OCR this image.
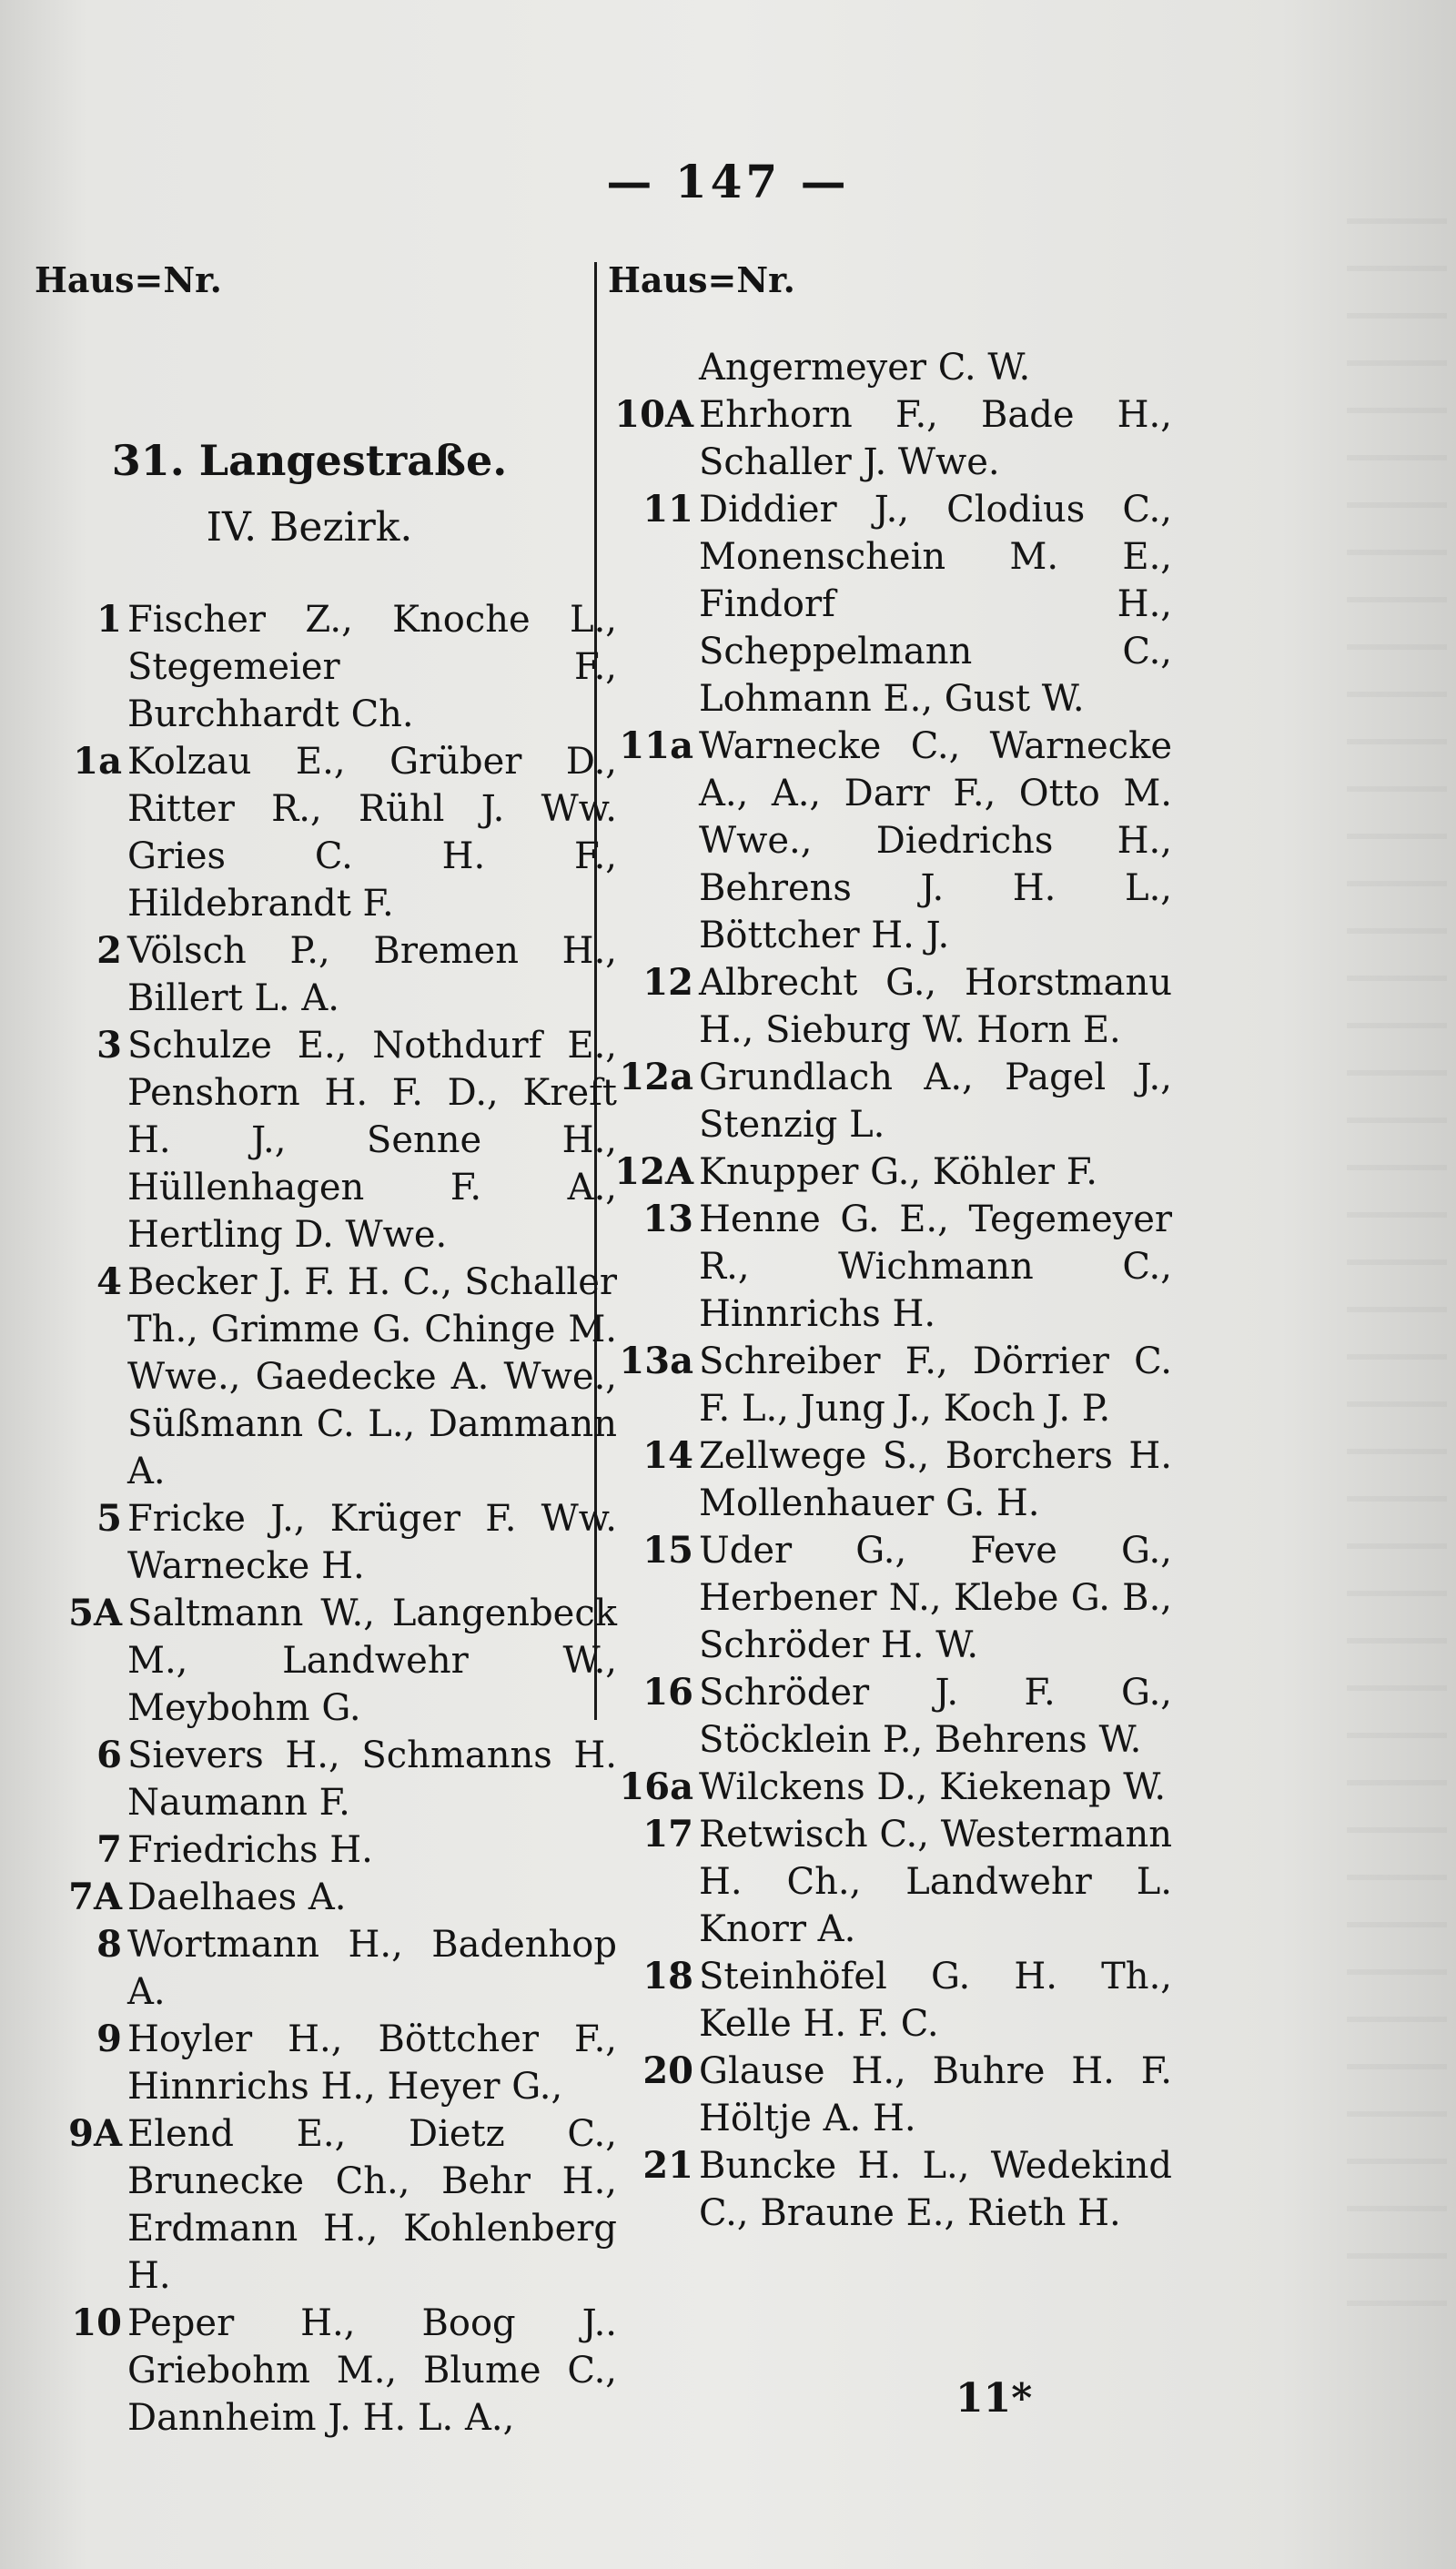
— 147 —
Haus=Nr.	Haus=Nr.
31. Langestraße.
IV. Bezirk.
1 Fischer Z., Knoche L., Stegemeier F., Burchhardt Ch.
1a Kolzau E., Grüber D., Ritter R., Rühl J. Ww. Gries C. H. F., Hildebrandt F.
2 Völsch P., Bremen H., Billert L. A.
3 Schulze E., Nothdurf E., Penshorn H. F. D., Kreft H. J., Senne H., Hüllenhagen F. A., Hertling D. Wwe.
4 Becker J. F. H. C., Schaller Th., Grimme G. Chinge M. Wwe., Gaedecke A. Wwe., Süßmann C. L., Dammann A.
5 Fricke J., Krüger F. Ww. Warnecke H.
5A Saltmann W., Langenbeck M., Landwehr W., Meybohm G.
6 Sievers H., Schmanns H. Naumann F.
7 Friedrichs H.
7A Daelhaes A.
8 Wortmann H., Badenhop A.
9 Hoyler H., Böttcher F., Hinnrichs H., Heyer G.,
9A Elend E., Dietz C., Brunecke Ch., Behr H., Erdmann H., Kohlenberg H.
10 Peper H., Boog J.. Griebohm M., Blume C., Dannheim J. H. L. A.,
Angermeyer C. W.
10A Ehrhorn F., Bade H., Schaller J. Wwe.
11 Diddier J., Clodius C., Monenschein M. E., Findorf H., Scheppelmann C., Lohmann E., Gust W.
11a Warnecke C., Warnecke A., A., Darr F., Otto M. Wwe., Diedrichs H., Behrens J. H. L., Böttcher H. J.
12 Albrecht G., Horstmanu H., Sieburg W. Horn E.
12a Grundlach A., Pagel J., Stenzig L.
12A Knupper G., Köhler F.
13 Henne G. E., Tegemeyer R., Wichmann C., Hinnrichs H.
13a Schreiber F., Dörrier C. F. L., Jung J., Koch J. P.
14 Zellwege S., Borchers H. Mollenhauer G. H.
15 Uder G., Feve G., Herbener N., Klebe G. B., Schröder H. W.
16 Schröder J. F. G., Stöcklein P., Behrens W.
16a Wilckens D., Kiekenap W.
17 Retwisch C., Westermann H. Ch., Landwehr L. Knorr A.
18 Steinhöfel G. H. Th., Kelle H. F. C.
20 Glause H., Buhre H. F. Höltje A. H.
21 Buncke H. L., Wedekind C., Braune E., Rieth H.
11*
